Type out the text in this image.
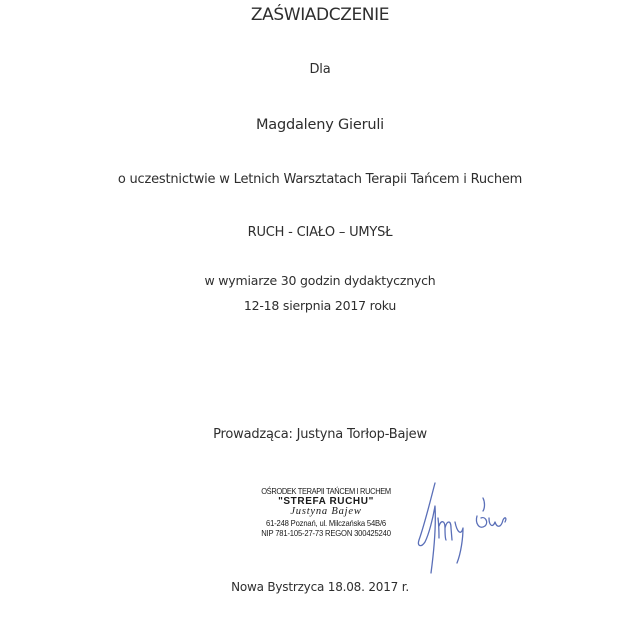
ZAŚWIADCZENIE
Dla
Magdaleny Gieruli
o uczestnictwie w Letnich Warsztatach Terapii Tańcem i Ruchem
RUCH - CIAŁO – UMYSŁ
w wymiarze 30 godzin dydaktycznych
12-18 sierpnia 2017 roku
Prowadząca: Justyna Torłop-Bajew
OŚRODEK TERAPII TAŃCEM I RUCHEM
"STREFA RUCHU"
Justyna Bajew
61-248 Poznań, ul. Milczańska 54B/6
NIP 781-105-27-73 REGON 300425240
Nowa Bystrzyca 18.08. 2017 r.
